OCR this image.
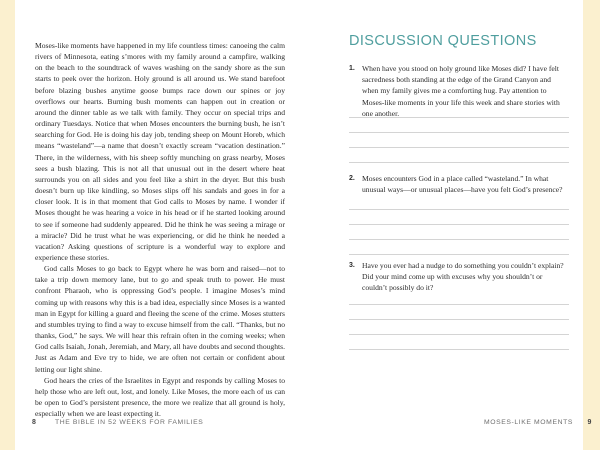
Moses-like moments have happened in my life countless times: canoeing the calm rivers of Minnesota, eating s’mores with my family around a campfire, walking on the beach to the soundtrack of waves washing on the sandy shore as the sun starts to peek over the horizon. Holy ground is all around us. We stand barefoot before blazing bushes anytime goose bumps race down our spines or joy overflows our hearts. Burning bush moments can happen out in creation or around the dinner table as we talk with family. They occur on special trips and ordinary Tuesdays. Notice that when Moses encounters the burning bush, he isn’t searching for God. He is doing his day job, tending sheep on Mount Horeb, which means “wasteland”—a name that doesn’t exactly scream “vacation destination.” There, in the wilderness, with his sheep softly munching on grass nearby, Moses sees a bush blazing. This is not all that unusual out in the desert where heat surrounds you on all sides and you feel like a shirt in the dryer. But this bush doesn’t burn up like kindling, so Moses slips off his sandals and goes in for a closer look. It is in that moment that God calls to Moses by name. I wonder if Moses thought he was hearing a voice in his head or if he started looking around to see if someone had suddenly appeared. Did he think he was seeing a mirage or a miracle? Did he trust what he was experiencing, or did he think he needed a vacation? Asking questions of scripture is a wonderful way to explore and experience these stories.

God calls Moses to go back to Egypt where he was born and raised—not to take a trip down memory lane, but to go and speak truth to power. He must confront Pharaoh, who is oppressing God’s people. I imagine Moses’s mind coming up with reasons why this is a bad idea, especially since Moses is a wanted man in Egypt for killing a guard and fleeing the scene of the crime. Moses stutters and stumbles trying to find a way to excuse himself from the call. “Thanks, but no thanks, God,” he says. We will hear this refrain often in the coming weeks; when God calls Isaiah, Jonah, Jeremiah, and Mary, all have doubts and second thoughts. Just as Adam and Eve try to hide, we are often not certain or confident about letting our light shine.

God hears the cries of the Israelites in Egypt and responds by calling Moses to help those who are left out, lost, and lonely. Like Moses, the more each of us can be open to God’s persistent presence, the more we realize that all ground is holy, especially when we are least expecting it.

8	THE BIBLE IN 52 WEEKS FOR FAMILIES
DISCUSSION QUESTIONS
1. When have you stood on holy ground like Moses did? I have felt sacredness both standing at the edge of the Grand Canyon and when my family gives me a comforting hug. Pay attention to Moses-like moments in your life this week and share stories with one another.
2. Moses encounters God in a place called “wasteland.” In what unusual ways—or unusual places—have you felt God’s presence?
3. Have you ever had a nudge to do something you couldn’t explain? Did your mind come up with excuses why you shouldn’t or couldn’t possibly do it?
MOSES-LIKE MOMENTS 9
